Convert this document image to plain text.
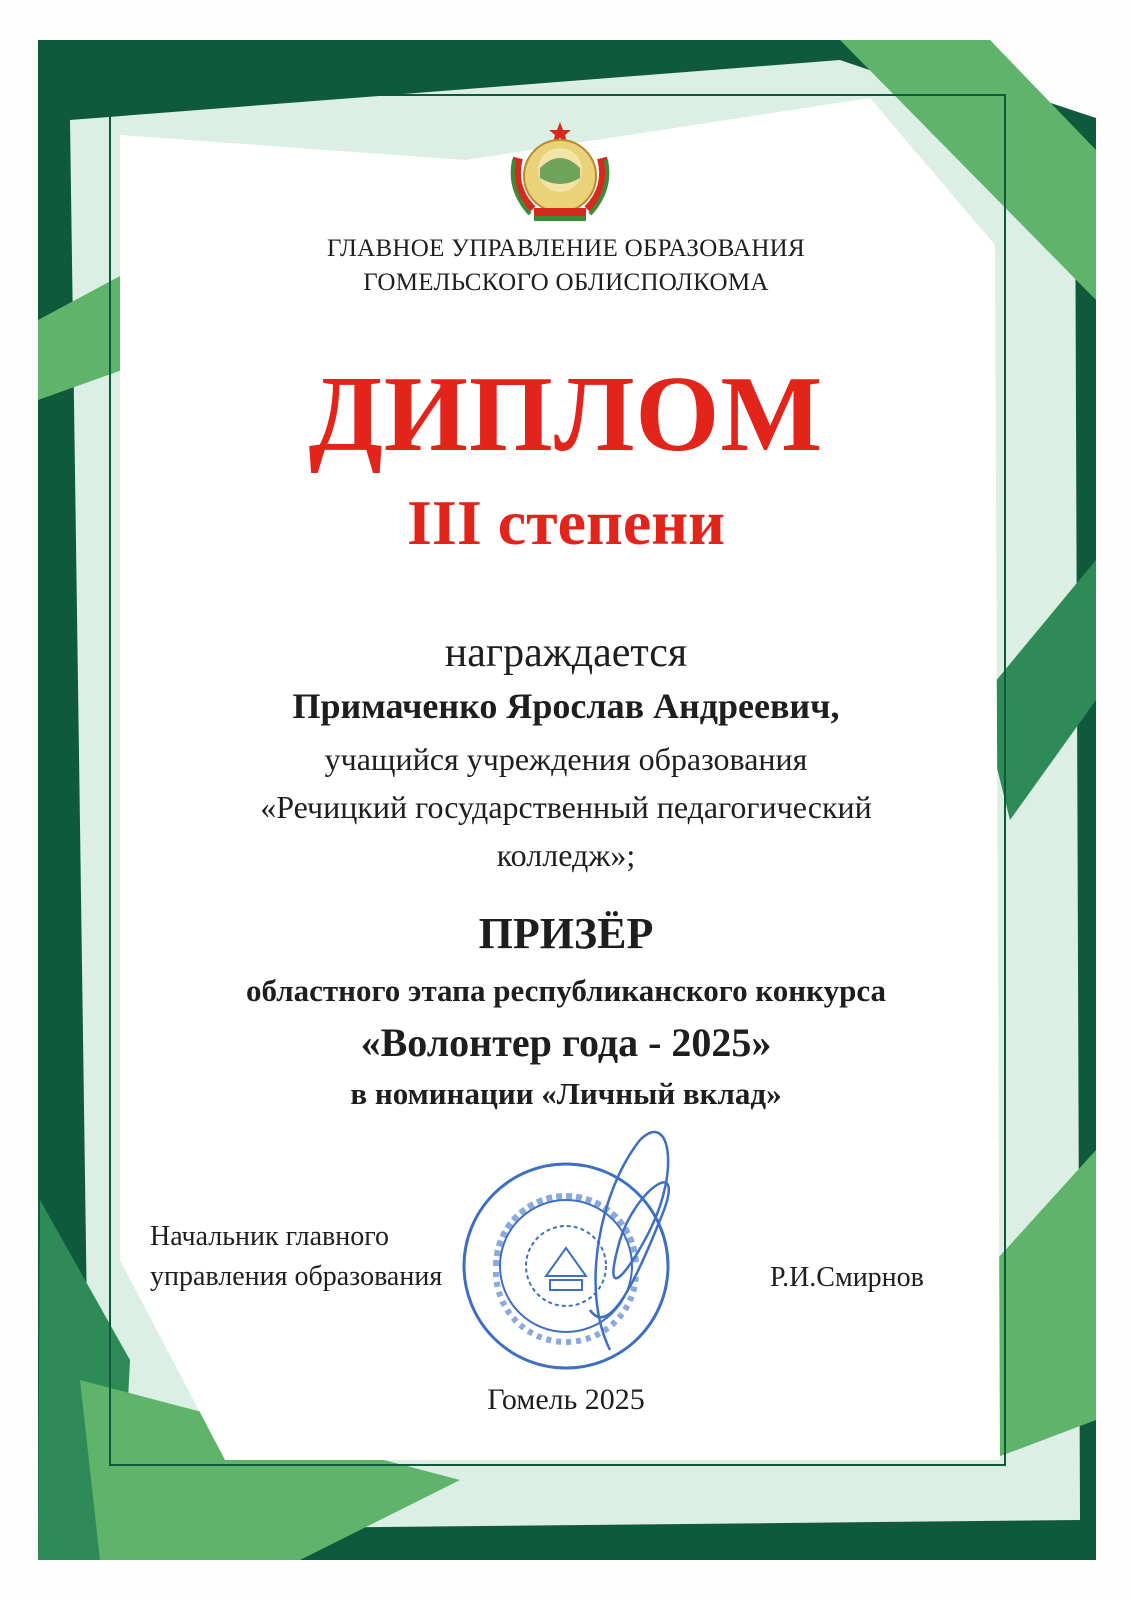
ГЛАВНОЕ УПРАВЛЕНИЕ ОБРАЗОВАНИЯ
ГОМЕЛЬСКОГО ОБЛИСПОЛКОМА
ДИПЛОМ
III степени
награждается
Примаченко Ярослав Андреевич,
учащийся учреждения образования
«Речицкий государственный педагогический
колледж»;
ПРИЗЁР
областного этапа республиканского конкурса
«Волонтер года - 2025»
в номинации «Личный вклад»
Начальник главного
управления образования	Р.И.Смирнов
Гомель 2025
